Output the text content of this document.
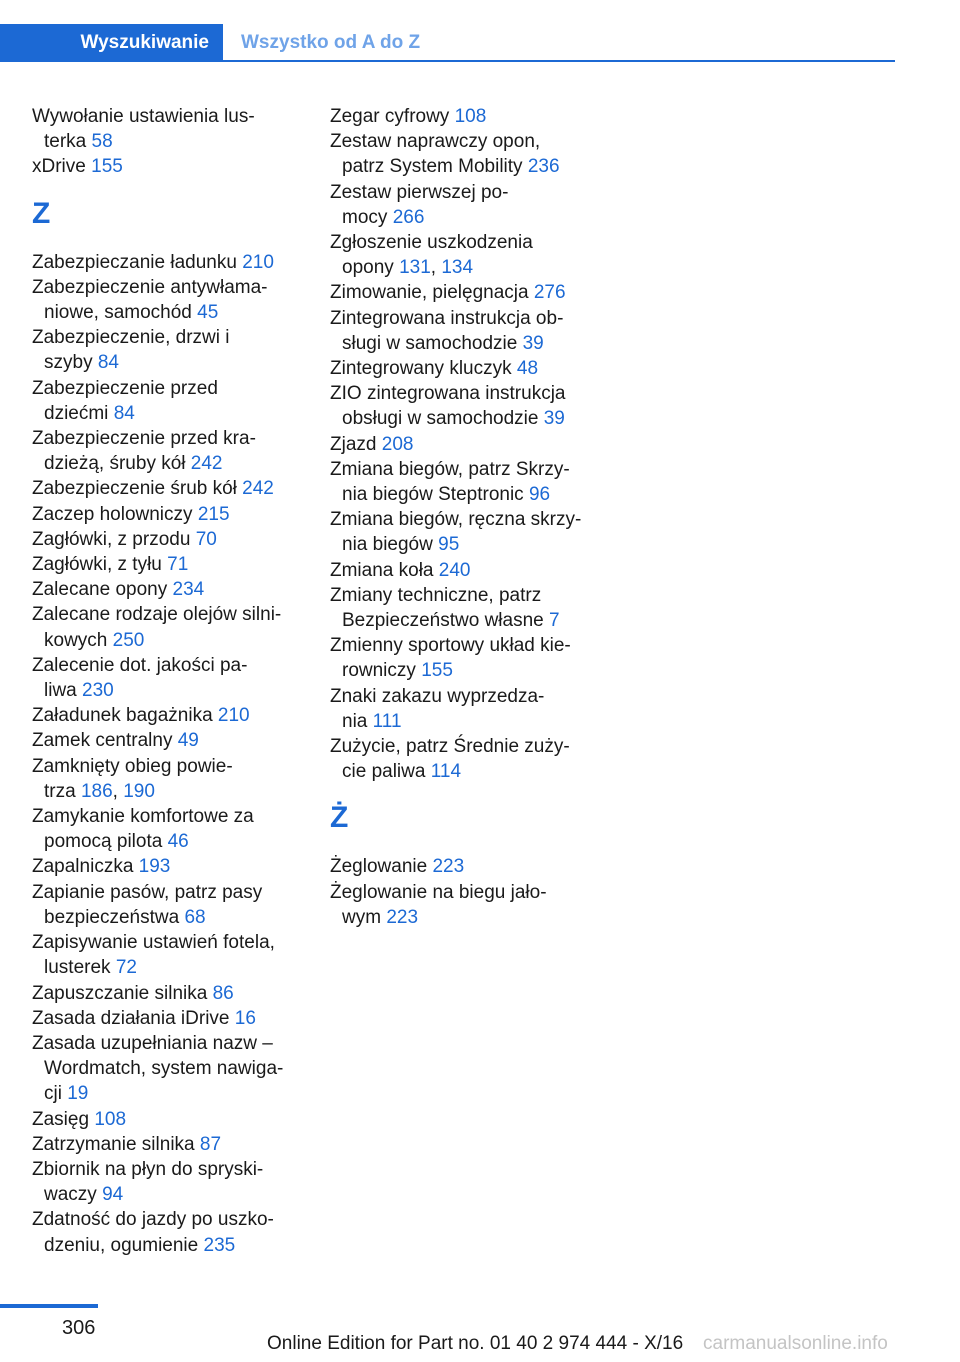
Wyszukiwanie	Wszystko od A do Z
Wywołanie ustawienia lus-
terka 58
xDrive 155
Z
Zabezpieczanie ładunku 210
Zabezpieczenie antywłama-
niowe, samochód 45
Zabezpieczenie, drzwi i
szyby 84
Zabezpieczenie przed
dziećmi 84
Zabezpieczenie przed kra-
dzieżą, śruby kół 242
Zabezpieczenie śrub kół 242
Zaczep holowniczy 215
Zagłówki, z przodu 70
Zagłówki, z tyłu 71
Zalecane opony 234
Zalecane rodzaje olejów silni-
kowych 250
Zalecenie dot. jakości pa-
liwa 230
Załadunek bagażnika 210
Zamek centralny 49
Zamknięty obieg powie-
trza 186, 190
Zamykanie komfortowe za
pomocą pilota 46
Zapalniczka 193
Zapianie pasów, patrz pasy
bezpieczeństwa 68
Zapisywanie ustawień fotela,
lusterek 72
Zapuszczanie silnika 86
Zasada działania iDrive 16
Zasada uzupełniania nazw –
Wordmatch, system nawiga-
cji 19
Zasięg 108
Zatrzymanie silnika 87
Zbiornik na płyn do spryski-
waczy 94
Zdatność do jazdy po uszko-
dzeniu, ogumienie 235
Zegar cyfrowy 108
Zestaw naprawczy opon,
patrz System Mobility 236
Zestaw pierwszej po-
mocy 266
Zgłoszenie uszkodzenia
opony 131, 134
Zimowanie, pielęgnacja 276
Zintegrowana instrukcja ob-
sługi w samochodzie 39
Zintegrowany kluczyk 48
ZIO zintegrowana instrukcja
obsługi w samochodzie 39
Zjazd 208
Zmiana biegów, patrz Skrzy-
nia biegów Steptronic 96
Zmiana biegów, ręczna skrzy-
nia biegów 95
Zmiana koła 240
Zmiany techniczne, patrz
Bezpieczeństwo własne 7
Zmienny sportowy układ kie-
rowniczy 155
Znaki zakazu wyprzedza-
nia 111
Zużycie, patrz Średnie zuży-
cie paliwa 114
Ż
Żeglowanie 223
Żeglowanie na biegu jało-
wym 223
306
Online Edition for Part no. 01 40 2 974 444 - X/16 carmanualsonline.info
